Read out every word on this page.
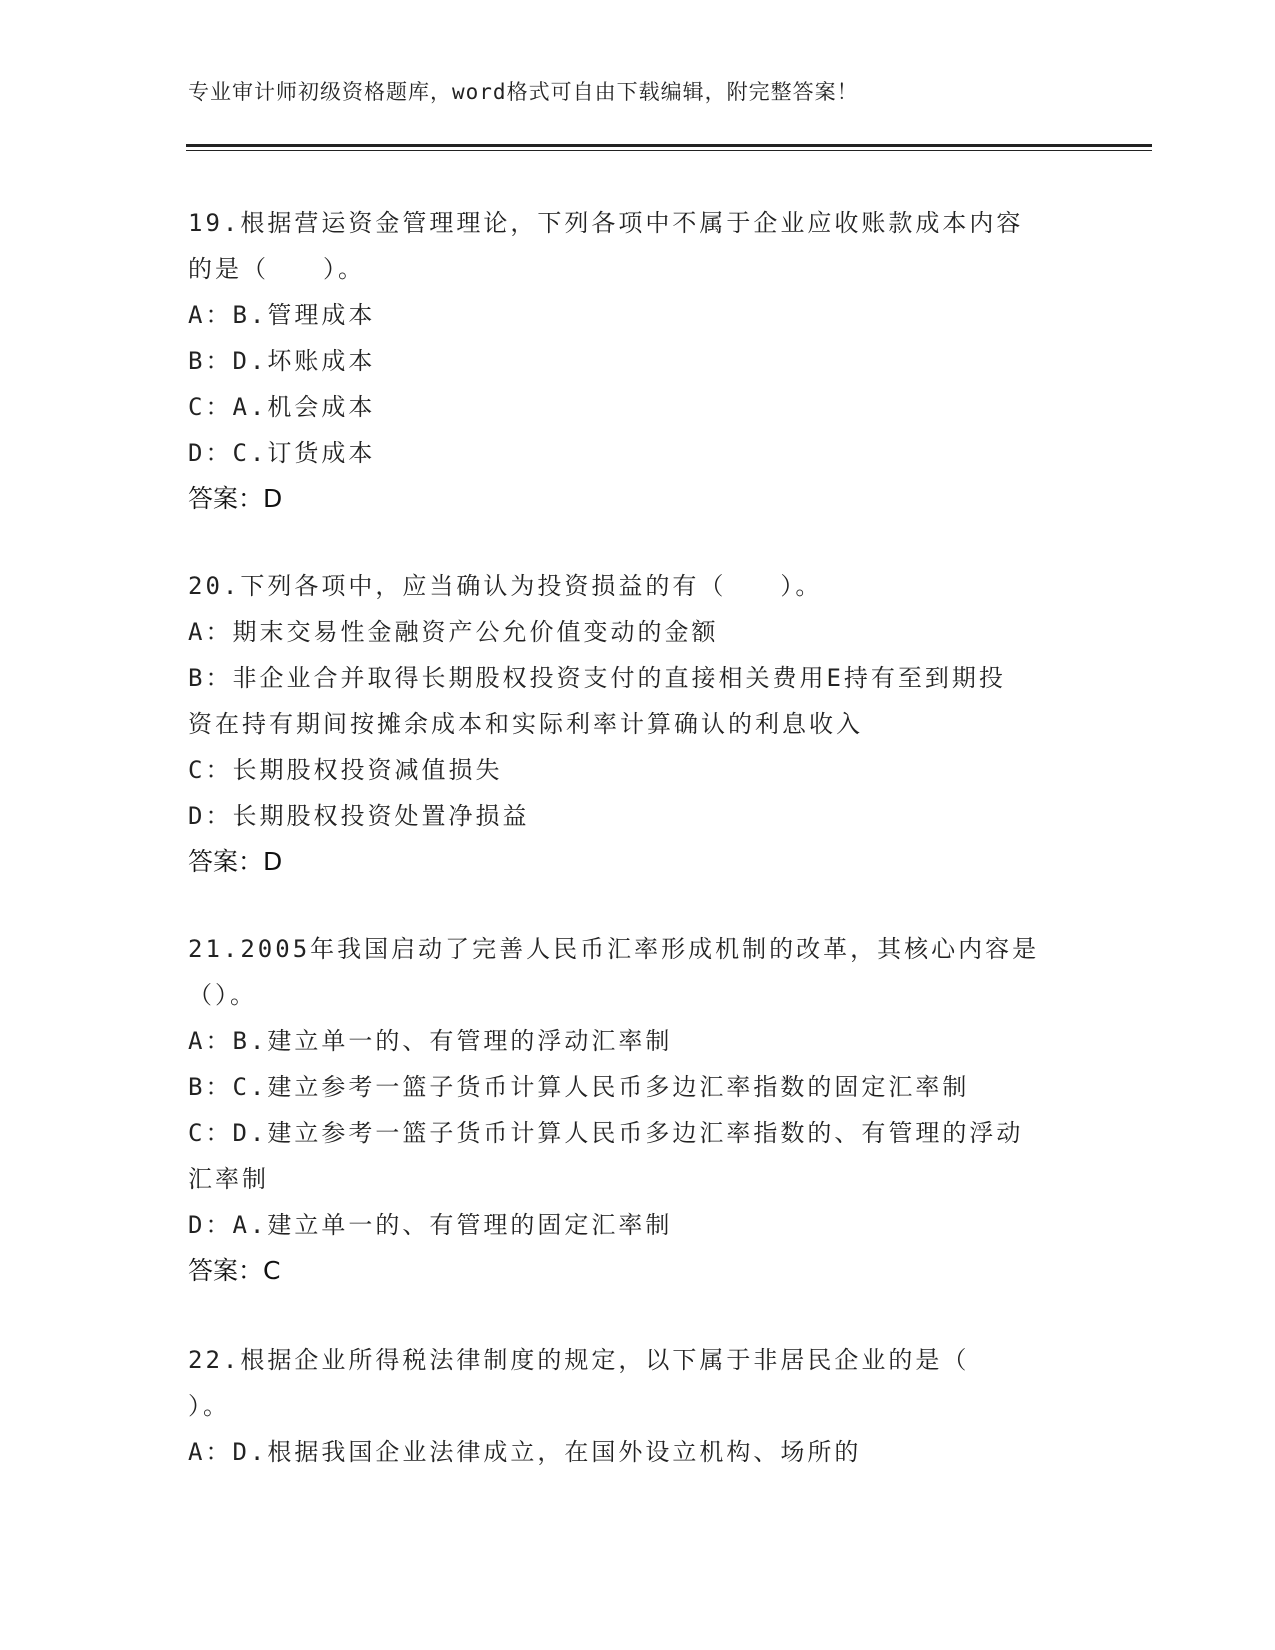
专业审计师初级资格题库，word格式可自由下载编辑，附完整答案！
19.根据营运资金管理理论，下列各项中不属于企业应收账款成本内容
的是（　　）。
A：B.管理成本
B：D.坏账成本
C：A.机会成本
D：C.订货成本
答案：D
20.下列各项中，应当确认为投资损益的有（　　）。
A：期末交易性金融资产公允价值变动的金额
B：非企业合并取得长期股权投资支付的直接相关费用E持有至到期投
资在持有期间按摊余成本和实际利率计算确认的利息收入
C：长期股权投资减值损失
D：长期股权投资处置净损益
答案：D
21.2005年我国启动了完善人民币汇率形成机制的改革，其核心内容是
（）。
A：B.建立单一的、有管理的浮动汇率制
B：C.建立参考一篮子货币计算人民币多边汇率指数的固定汇率制
C：D.建立参考一篮子货币计算人民币多边汇率指数的、有管理的浮动
汇率制
D：A.建立单一的、有管理的固定汇率制
答案：C
22.根据企业所得税法律制度的规定，以下属于非居民企业的是（
）。
A：D.根据我国企业法律成立，在国外设立机构、场所的
